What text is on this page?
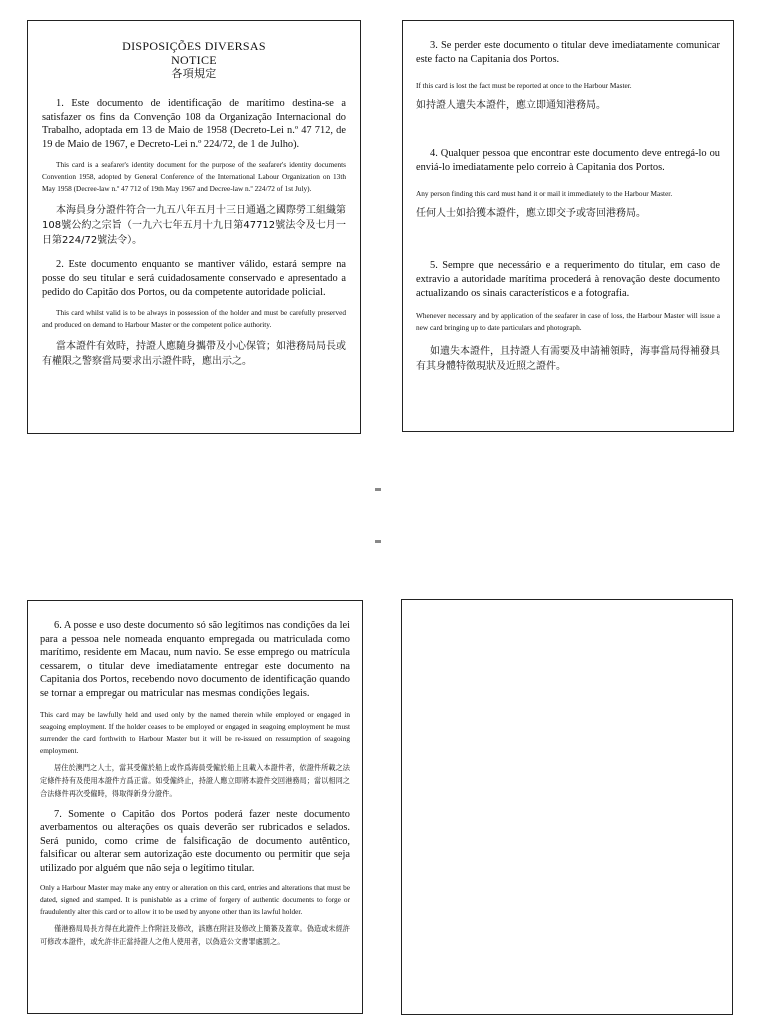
DISPOSIÇÕES DIVERSAS
NOTICE
各項規定

1. Este documento de identificação de marítimo destina-se a satisfazer os fins da Convenção 108 da Organização Internacional do Trabalho, adoptada em 13 de Maio de 1958 (Decreto-Lei n.º 47 712, de 19 de Maio de 1967, e Decreto-Lei n.º 224/72, de 1 de Julho).

This card is a seafarer's identity document for the purpose of the seafarer's identity documents Convention 1958, adopted by General Conference of the International Labour Organization on 13th May 1958 (Decree-law n.º 47 712 of 19th May 1967 and Decree-law n.º 224/72 of 1st July).

本海員身分證件符合一九五八年五月十三日通過之國際勞工組織第108號公約之宗旨（一九六七年五月十九日第47712號法令及七月一日第224/72號法令）。

2. Este documento enquanto se mantiver válido, estará sempre na posse do seu titular e será cuidadosamente conservado e apresentado a pedido do Capitão dos Portos, ou da competente autoridade policial.

This card whilst valid is to be always in possession of the holder and must be carefully preserved and produced on demand to Harbour Master or the competent police authority.

當本證件有效時，持證人應隨身攜帶及小心保管；如港務局局長或有權限之警察當局要求出示證件時，應出示之。

3. Se perder este documento o titular deve imediatamente comunicar este facto na Capitania dos Portos.

If this card is lost the fact must be reported at once to the Harbour Master.

如持證人遺失本證件，應立即通知港務局。

4. Qualquer pessoa que encontrar este documento deve entregá-lo ou enviá-lo imediatamente pelo correio à Capitania dos Portos.

Any person finding this card must hand it or mail it immediately to the Harbour Master.

任何人士如拾獲本證件，應立即交予或寄回港務局。

5. Sempre que necessário e a requerimento do titular, em caso de extravio a autoridade marítima procederá à renovação deste documento actualizando os sinais característicos e a fotografia.

Whenever necessary and by application of the seafarer in case of loss, the Harbour Master will issue a new card bringing up to date particulars and photograph.

如遺失本證件，且持證人有需要及申請補領時，海事當局得補發具有其身體特徵現狀及近照之證件。

6. A posse e uso deste documento só são legítimos nas condições da lei para a pessoa nele nomeada enquanto empregada ou matriculada como marítimo, residente em Macau, num navio. Se esse emprego ou matrícula cessarem, o titular deve imediatamente entregar este documento na Capitania dos Portos, recebendo novo documento de identificação quando se tornar a empregar ou matricular nas mesmas condições legais.

This card may be lawfully held and used only by the named therein while employed or engaged in seagoing employment. If the holder ceases to be employed or engaged in seagoing employment he must surrender the card forthwith to Harbour Master but it will be re-issued on ressumption of seagoing employment.

居住於澳門之人士，當其受僱於船上或作爲海員受僱於船上且載入本證件者，依證件所載之法定條件持有及使用本證件方爲正當。如受僱終止，持證人應立即將本證件交回港務局；當以相同之合法條件再次受僱時，得取得新身分證件。

7. Somente o Capitão dos Portos poderá fazer neste documento averbamentos ou alterações os quais deverão ser rubricados e selados. Será punido, como crime de falsificação de documento autêntico, falsificar ou alterar sem autorização este documento ou permitir que seja utilizado por alguém que não seja o legítimo titular.

Only a Harbour Master may make any entry or alteration on this card, entries and alterations that must be dated, signed and stamped. It is punishable as a crime of forgery of authentic documents to forge or fraudulently alter this card or to allow it to be used by anyone other than its lawful holder.

僅港務局局長方得在此證件上作附註及修改，該應在附註及修改上簡簽及蓋章。偽造或未經許可修改本證件，或允許非正當持證人之他人使用者，以偽造公文書罪處罰之。
